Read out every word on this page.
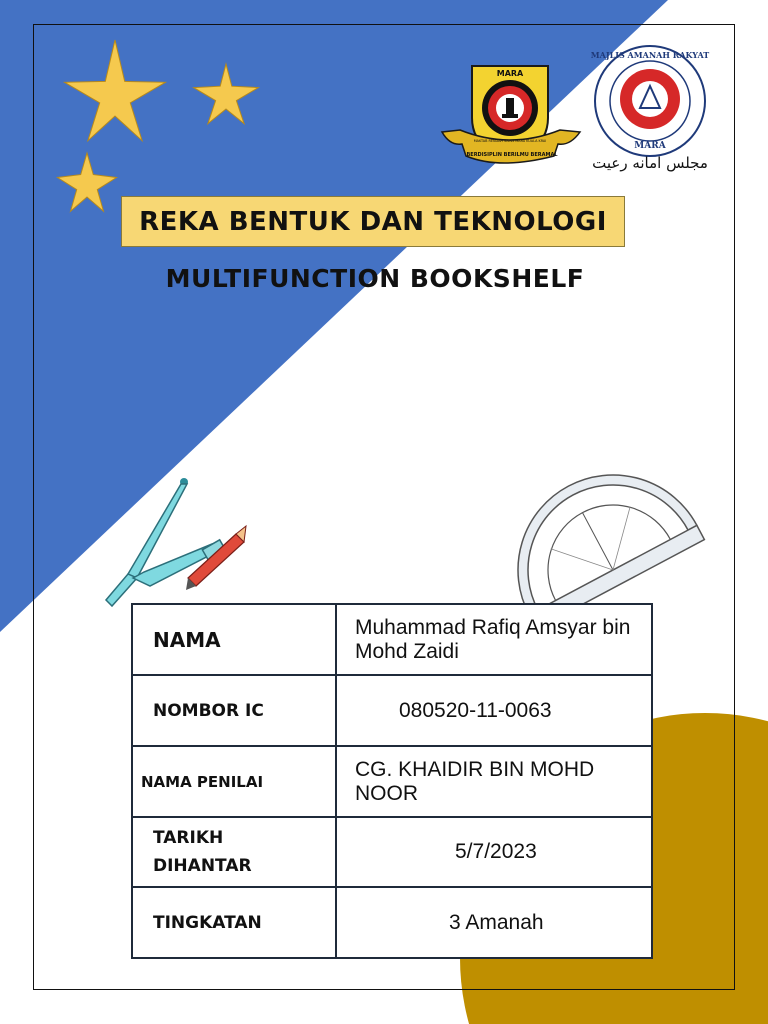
MARA
MAKTAB RENDAH SAINS MARA KUALA KRAI
BERDISIPLIN BERILMU BERAMAL
MAJLIS AMANAH RAKYAT
MARA
مجلس امانه رعيت
REKA BENTUK DAN TEKNOLOGI
MULTIFUNCTION BOOKSHELF
NAMA	Muhammad Rafiq Amsyar bin Mohd Zaidi
NOMBOR IC	080520-11-0063
NAMA PENILAI	CG. KHAIDIR BIN MOHD NOOR
TARIKH DIHANTAR	5/7/2023
TINGKATAN	3 Amanah
